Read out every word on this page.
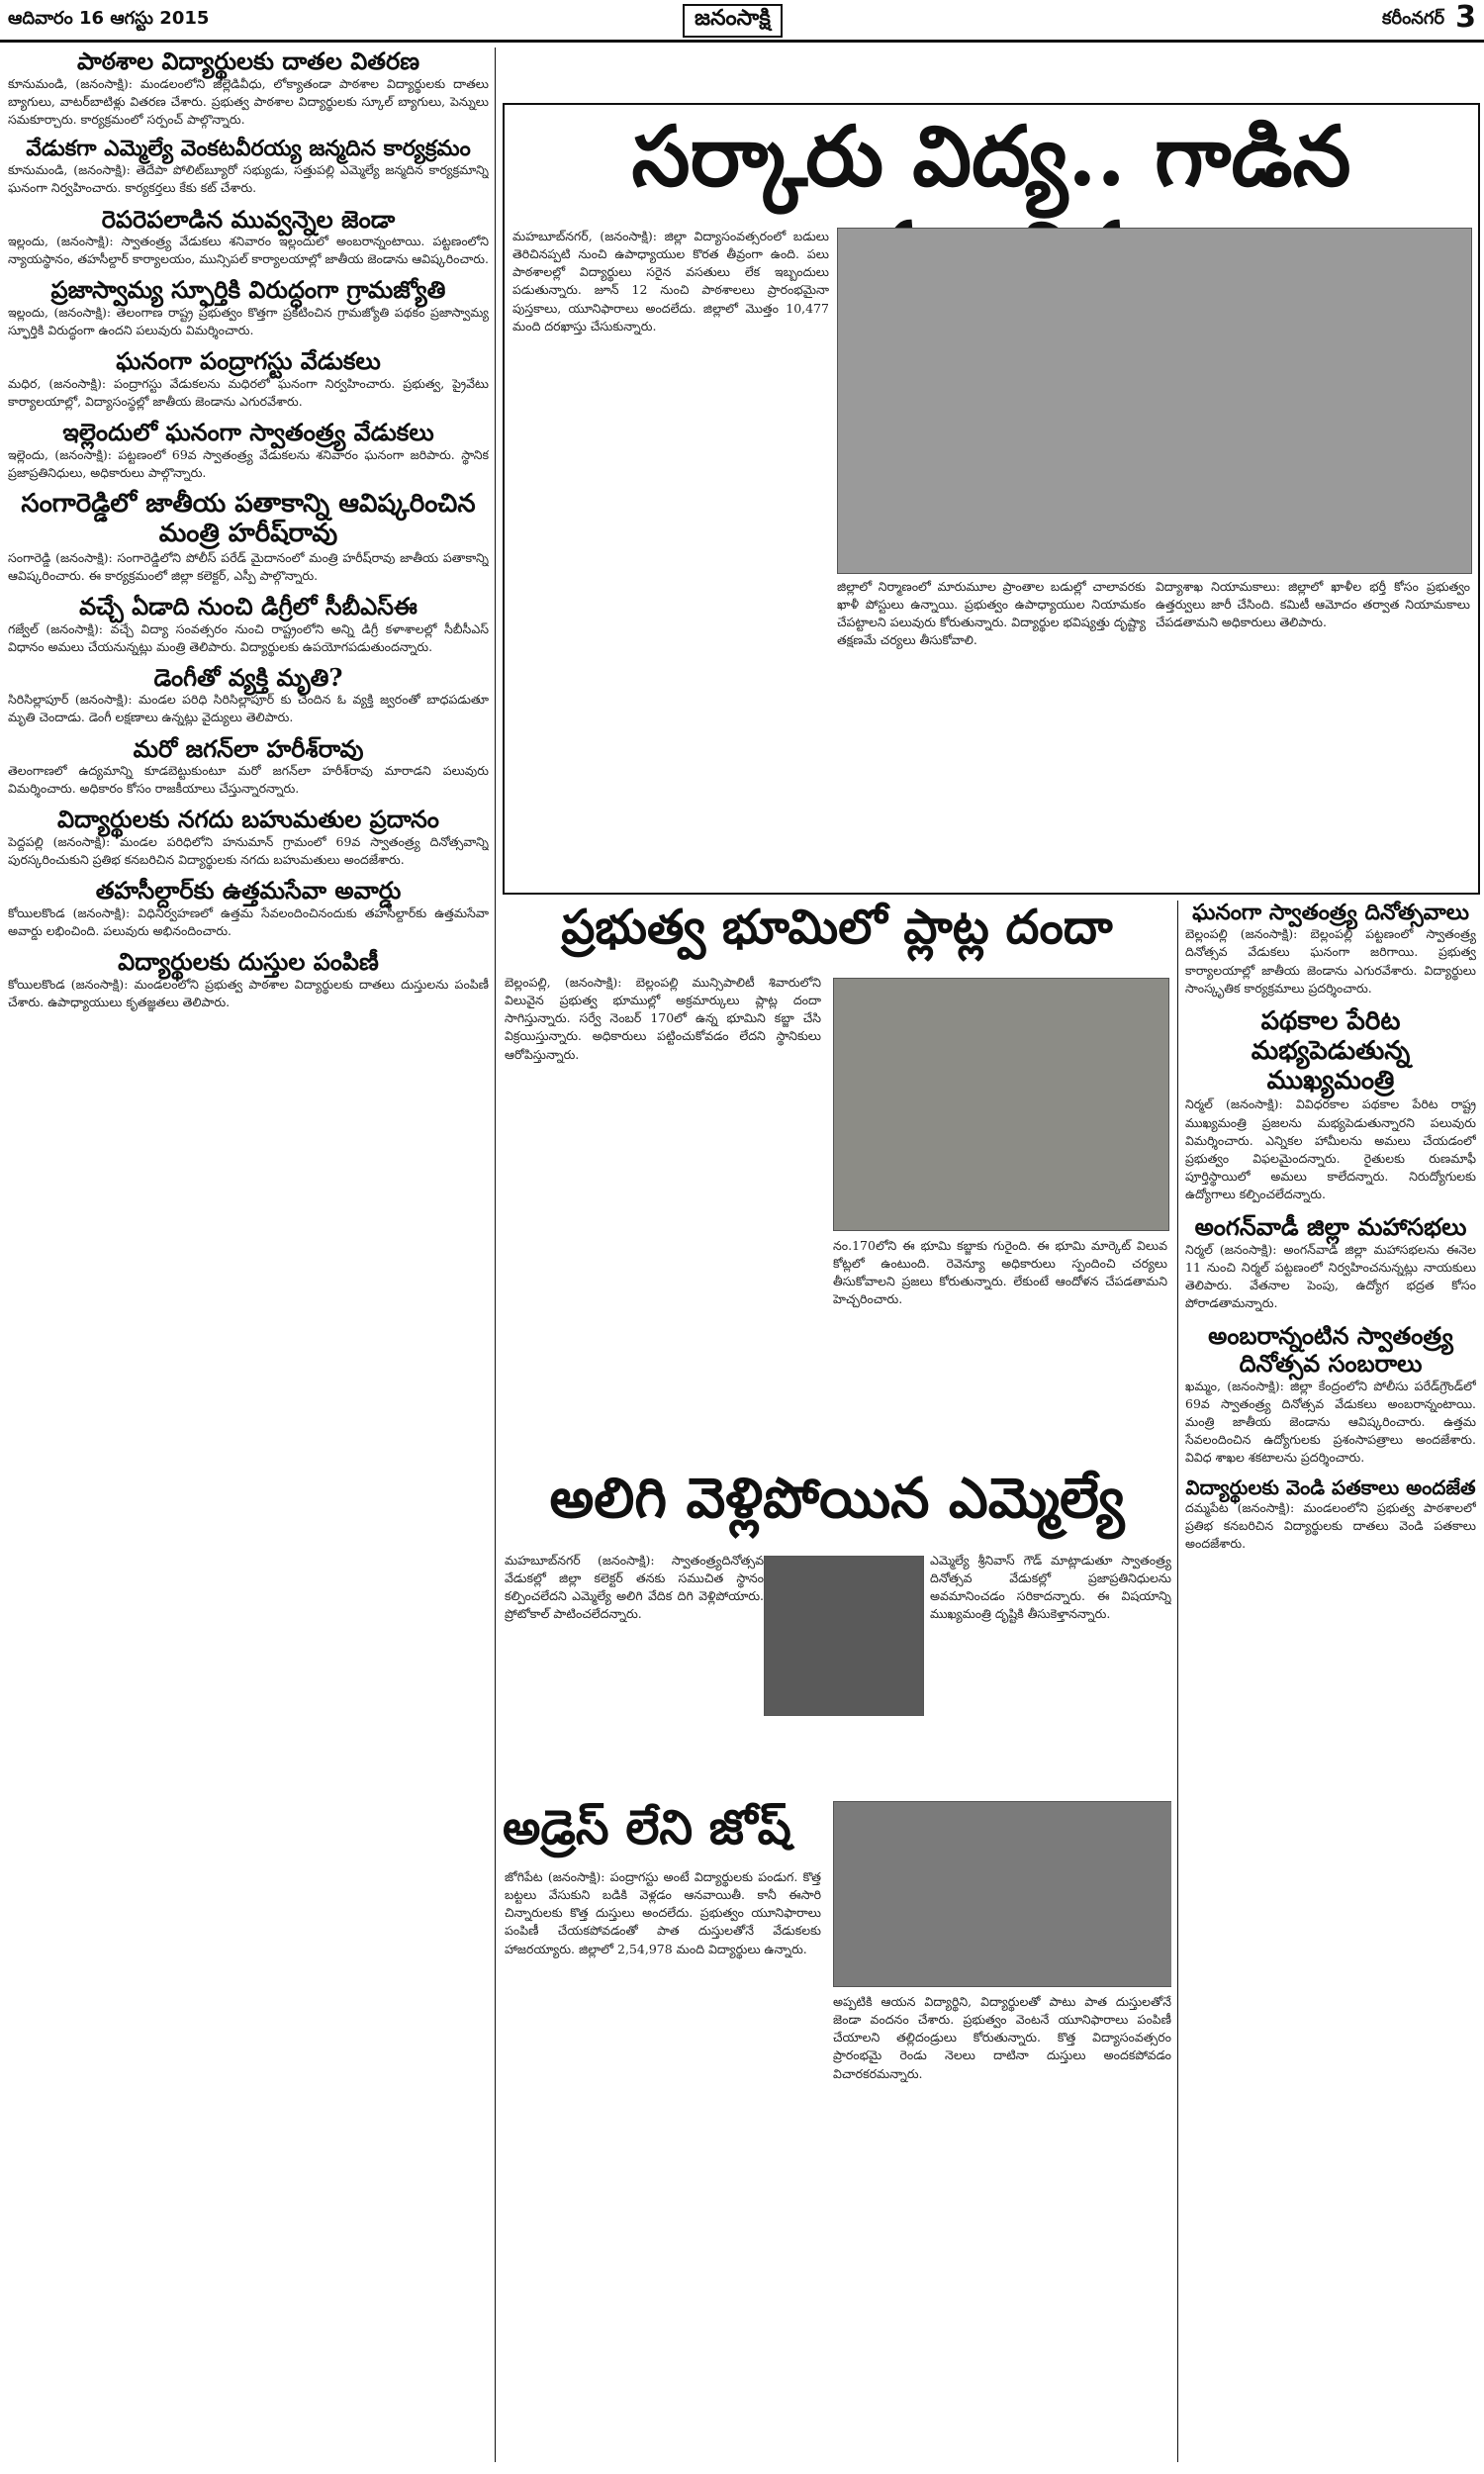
ఆదివారం 16 ఆగస్టు 2015	జనంసాక్షి	కరీంనగర్ 3
పాఠశాల విద్యార్థులకు దాతల వితరణ
కూనుమండి, (జనంసాక్షి): మండలంలోని జిల్లెడివీధు, లోక్యాతండా పాఠశాల విద్యార్థులకు దాతలు బ్యాగులు, వాటర్‌బాటిళ్లు వితరణ చేశారు. ప్రభుత్వ పాఠశాల విద్యార్థులకు స్కూల్ బ్యాగులు, పెన్నులు సమకూర్చారు. కార్యక్రమంలో సర్పంచ్ పాల్గొన్నారు.
వేడుకగా ఎమ్మెల్యే వెంకటవీరయ్య జన్మదిన కార్యక్రమం
కూనుమండి, (జనంసాక్షి): తెదేపా పోలిట్‌బ్యూరో సభ్యుడు, సత్తుపల్లి ఎమ్మెల్యే జన్మదిన కార్యక్రమాన్ని ఘనంగా నిర్వహించారు. కార్యకర్తలు కేకు కట్ చేశారు.
రెపరెపలాడిన మువ్వన్నెల జెండా
ఇల్లందు, (జనంసాక్షి): స్వాతంత్ర్య వేడుకలు శనివారం ఇల్లందులో అంబరాన్నంటాయి. పట్టణంలోని న్యాయస్థానం, తహసీల్దార్ కార్యాలయం, మున్సిపల్ కార్యాలయాల్లో జాతీయ జెండాను ఆవిష్కరించారు.
ప్రజాస్వామ్య స్ఫూర్తికి విరుద్ధంగా గ్రామజ్యోతి
ఇల్లందు, (జనంసాక్షి): తెలంగాణ రాష్ట్ర ప్రభుత్వం కొత్తగా ప్రకటించిన గ్రామజ్యోతి పథకం ప్రజాస్వామ్య స్ఫూర్తికి విరుద్ధంగా ఉందని పలువురు విమర్శించారు.
ఘనంగా పంద్రాగస్టు వేడుకలు
మధిర, (జనంసాక్షి): పంద్రాగస్టు వేడుకలను మధిరలో ఘనంగా నిర్వహించారు. ప్రభుత్వ, ప్రైవేటు కార్యాలయాల్లో, విద్యాసంస్థల్లో జాతీయ జెండాను ఎగురవేశారు.
ఇల్లెందులో ఘనంగా స్వాతంత్ర్య వేడుకలు
ఇల్లెందు, (జనంసాక్షి): పట్టణంలో 69వ స్వాతంత్ర్య వేడుకలను శనివారం ఘనంగా జరిపారు. స్థానిక ప్రజాప్రతినిధులు, అధికారులు పాల్గొన్నారు.
సంగారెడ్డిలో జాతీయ పతాకాన్ని ఆవిష్కరించిన మంత్రి హరీష్‌రావు
సంగారెడ్డి (జనంసాక్షి): సంగారెడ్డిలోని పోలీస్ పరేడ్ మైదానంలో మంత్రి హరీష్‌రావు జాతీయ పతాకాన్ని ఆవిష్కరించారు. ఈ కార్యక్రమంలో జిల్లా కలెక్టర్, ఎస్పీ పాల్గొన్నారు.
వచ్చే ఏడాది నుంచి డిగ్రీలో సీబీఎస్‌ఈ
గజ్వేల్ (జనంసాక్షి): వచ్చే విద్యా సంవత్సరం నుంచి రాష్ట్రంలోని అన్ని డిగ్రీ కళాశాలల్లో సీబీసీఎస్ విధానం అమలు చేయనున్నట్లు మంత్రి తెలిపారు. విద్యార్థులకు ఉపయోగపడుతుందన్నారు.
డెంగీతో వ్యక్తి మృతి?
సిరిసిల్లాపూర్ (జనంసాక్షి): మండల పరిధి సిరిసిల్లాపూర్ కు చెందిన ఓ వ్యక్తి జ్వరంతో బాధపడుతూ మృతి చెందాడు. డెంగీ లక్షణాలు ఉన్నట్లు వైద్యులు తెలిపారు.
మరో జగన్‌లా హరీశ్‌రావు
తెలంగాణలో ఉద్యమాన్ని కూడబెట్టుకుంటూ మరో జగన్‌లా హరీశ్‌రావు మారాడని పలువురు విమర్శించారు. అధికారం కోసం రాజకీయాలు చేస్తున్నారన్నారు.
విద్యార్థులకు నగదు బహుమతుల ప్రదానం
పెద్దపల్లి (జనంసాక్షి): మండల పరిధిలోని హనుమాన్ గ్రామంలో 69వ స్వాతంత్ర్య దినోత్సవాన్ని పురస్కరించుకుని ప్రతిభ కనబరిచిన విద్యార్థులకు నగదు బహుమతులు అందజేశారు.
తహసీల్దార్‌కు ఉత్తమసేవా అవార్డు
కోయిలకొండ (జనంసాక్షి): విధినిర్వహణలో ఉత్తమ సేవలందించినందుకు తహసీల్దార్‌కు ఉత్తమసేవా అవార్డు లభించింది. పలువురు అభినందించారు.
విద్యార్థులకు దుస్తుల పంపిణీ
కోయిలకొండ (జనంసాక్షి): మండలంలోని ప్రభుత్వ పాఠశాల విద్యార్థులకు దాతలు దుస్తులను పంపిణీ చేశారు. ఉపాధ్యాయులు కృతజ్ఞతలు తెలిపారు.
సర్కారు విద్య.. గాడిన
మహబూబ్‌నగర్, (జనంసాక్షి): జిల్లా విద్యాసంవత్సరంలో బడులు తెరిచినప్పటి నుంచి ఉపాధ్యాయుల కొరత తీవ్రంగా ఉంది. పలు పాఠశాలల్లో విద్యార్థులు సరైన వసతులు లేక ఇబ్బందులు పడుతున్నారు. జూన్ 12 నుంచి పాఠశాలలు ప్రారంభమైనా పుస్తకాలు, యూనిఫారాలు అందలేదు. జిల్లాలో మొత్తం 10,477 మంది దరఖాస్తు చేసుకున్నారు.
జిల్లాలో నిర్మాణంలో మారుమూల ప్రాంతాల బడుల్లో చాలావరకు ఖాళీ పోస్టులు ఉన్నాయి. ప్రభుత్వం ఉపాధ్యాయుల నియామకం చేపట్టాలని పలువురు కోరుతున్నారు. విద్యార్థుల భవిష్యత్తు దృష్ట్యా తక్షణమే చర్యలు తీసుకోవాలి.
విద్యాశాఖ నియామకాలు: జిల్లాలో ఖాళీల భర్తీ కోసం ప్రభుత్వం ఉత్తర్వులు జారీ చేసింది. కమిటీ ఆమోదం తర్వాత నియామకాలు చేపడతామని అధికారులు తెలిపారు.
ప్రభుత్వ భూమిలో ప్లాట్ల దందా
బెల్లంపల్లి, (జనంసాక్షి): బెల్లంపల్లి మున్సిపాలిటీ శివారులోని విలువైన ప్రభుత్వ భూముల్లో అక్రమార్కులు ప్లాట్ల దందా సాగిస్తున్నారు. సర్వే నెంబర్ 170లో ఉన్న భూమిని కబ్జా చేసి విక్రయిస్తున్నారు. అధికారులు పట్టించుకోవడం లేదని స్థానికులు ఆరోపిస్తున్నారు.
నం.170లోని ఈ భూమి కబ్జాకు గురైంది. ఈ భూమి మార్కెట్ విలువ కోట్లలో ఉంటుంది. రెవెన్యూ అధికారులు స్పందించి చర్యలు తీసుకోవాలని ప్రజలు కోరుతున్నారు. లేకుంటే ఆందోళన చేపడతామని హెచ్చరించారు.
అలిగి వెళ్లిపోయిన ఎమ్మెల్యే
మహబూబ్‌నగర్ (జనంసాక్షి): స్వాతంత్ర్యదినోత్సవ వేడుకల్లో జిల్లా కలెక్టర్ తనకు సముచిత స్థానం కల్పించలేదని ఎమ్మెల్యే అలిగి వేదిక దిగి వెళ్లిపోయారు. ప్రోటోకాల్ పాటించలేదన్నారు.
ఎమ్మెల్యే శ్రీనివాస్ గౌడ్ మాట్లాడుతూ స్వాతంత్ర్య దినోత్సవ వేడుకల్లో ప్రజాప్రతినిధులను అవమానించడం సరికాదన్నారు. ఈ విషయాన్ని ముఖ్యమంత్రి దృష్టికి తీసుకెళ్తానన్నారు.
అడ్రెస్ లేని జోష్
జోగిపేట (జనంసాక్షి): పంద్రాగస్టు అంటే విద్యార్థులకు పండుగ. కొత్త బట్టలు వేసుకుని బడికి వెళ్లడం ఆనవాయితీ. కానీ ఈసారి చిన్నారులకు కొత్త దుస్తులు అందలేదు. ప్రభుత్వం యూనిఫారాలు పంపిణీ చేయకపోవడంతో పాత దుస్తులతోనే వేడుకలకు హాజరయ్యారు. జిల్లాలో 2,54,978 మంది విద్యార్థులు ఉన్నారు.
అప్పటికి ఆయన విద్యార్థిని, విద్యార్థులతో పాటు పాత దుస్తులతోనే జెండా వందనం చేశారు. ప్రభుత్వం వెంటనే యూనిఫారాలు పంపిణీ చేయాలని తల్లిదండ్రులు కోరుతున్నారు. కొత్త విద్యాసంవత్సరం ప్రారంభమై రెండు నెలలు దాటినా దుస్తులు అందకపోవడం విచారకరమన్నారు.
ఘనంగా స్వాతంత్ర్య దినోత్సవాలు
బెల్లంపల్లి (జనంసాక్షి): బెల్లంపల్లి పట్టణంలో స్వాతంత్ర్య దినోత్సవ వేడుకలు ఘనంగా జరిగాయి. ప్రభుత్వ కార్యాలయాల్లో జాతీయ జెండాను ఎగురవేశారు. విద్యార్థులు సాంస్కృతిక కార్యక్రమాలు ప్రదర్శించారు.
పథకాల పేరిట మభ్యపెడుతున్న ముఖ్యమంత్రి
నిర్మల్ (జనంసాక్షి): వివిధరకాల పథకాల పేరిట రాష్ట్ర ముఖ్యమంత్రి ప్రజలను మభ్యపెడుతున్నారని పలువురు విమర్శించారు. ఎన్నికల హామీలను అమలు చేయడంలో ప్రభుత్వం విఫలమైందన్నారు. రైతులకు రుణమాఫీ పూర్తిస్థాయిలో అమలు కాలేదన్నారు. నిరుద్యోగులకు ఉద్యోగాలు కల్పించలేదన్నారు.
అంగన్‌వాడీ జిల్లా మహాసభలు
నిర్మల్ (జనంసాక్షి): అంగన్‌వాడీ జిల్లా మహాసభలను ఈనెల 11 నుంచి నిర్మల్ పట్టణంలో నిర్వహించనున్నట్లు నాయకులు తెలిపారు. వేతనాల పెంపు, ఉద్యోగ భద్రత కోసం పోరాడతామన్నారు.
అంబరాన్నంటిన స్వాతంత్ర్య దినోత్సవ సంబరాలు
ఖమ్మం, (జనంసాక్షి): జిల్లా కేంద్రంలోని పోలీసు పరేడ్‌గ్రౌండ్‌లో 69వ స్వాతంత్ర్య దినోత్సవ వేడుకలు అంబరాన్నంటాయి. మంత్రి జాతీయ జెండాను ఆవిష్కరించారు. ఉత్తమ సేవలందించిన ఉద్యోగులకు ప్రశంసాపత్రాలు అందజేశారు. వివిధ శాఖల శకటాలను ప్రదర్శించారు.
విద్యార్థులకు వెండి పతకాలు అందజేత
దమ్మపేట (జనంసాక్షి): మండలంలోని ప్రభుత్వ పాఠశాలలో ప్రతిభ కనబరిచిన విద్యార్థులకు దాతలు వెండి పతకాలు అందజేశారు.
